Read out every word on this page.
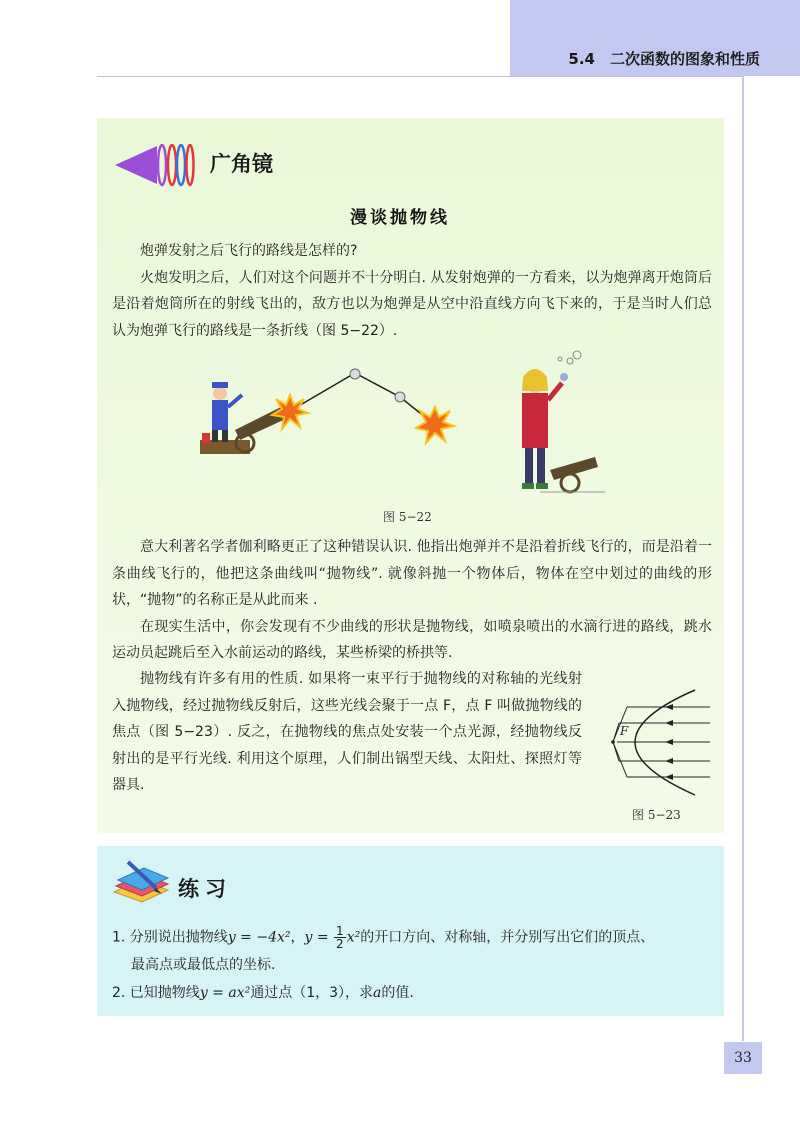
5.4　二次函数的图象和性质
广角镜
漫谈抛物线

炮弹发射之后飞行的路线是怎样的?

火炮发明之后，人们对这个问题并不十分明白. 从发射炮弹的一方看来，以为炮弹离开炮筒后是沿着炮筒所在的射线飞出的，敌方也以为炮弹是从空中沿直线方向飞下来的，于是当时人们总认为炮弹飞行的路线是一条折线（图 5−22）.

图 5−22

意大利著名学者伽利略更正了这种错误认识. 他指出炮弹并不是沿着折线飞行的，而是沿着一条曲线飞行的，他把这条曲线叫“抛物线”. 就像斜抛一个物体后，物体在空中划过的曲线的形状，“抛物”的名称正是从此而来 .

在现实生活中，你会发现有不少曲线的形状是抛物线，如喷泉喷出的水滴行进的路线，跳水运动员起跳后至入水前运动的路线，某些桥梁的桥拱等.

抛物线有许多有用的性质. 如果将一束平行于抛物线的对称轴的光线射入抛物线，经过抛物线反射后，这些光线会聚于一点 F，点 F 叫做抛物线的焦点（图 5−23）. 反之，在抛物线的焦点处安装一个点光源，经抛物线反射出的是平行光线. 利用这个原理，人们制出锅型天线、太阳灶、探照灯等器具.

F
图 5−23
练习
1. 分别说出抛物线y = −4x²，$y = \frac{1}{2} x^2$的开口方向、对称轴，并分别写出它们的顶点、
最高点或最低点的坐标.
2. 已知抛物线y = ax²通过点（1，3），求a的值.
33
